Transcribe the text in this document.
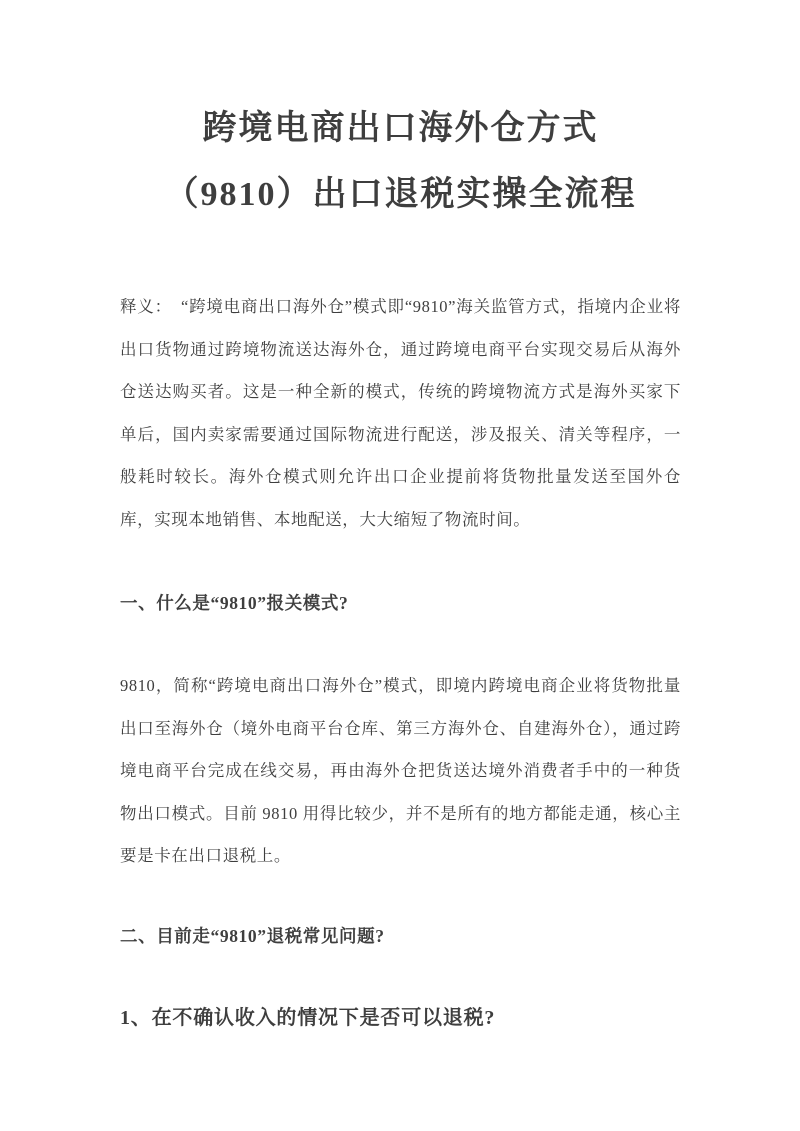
跨境电商出口海外仓方式
（9810）出口退税实操全流程

释义：　“跨境电商出口海外仓”模式即“9810”海关监管方式，指境内企业将出口货物通过跨境物流送达海外仓，通过跨境电商平台实现交易后从海外仓送达购买者。这是一种全新的模式，传统的跨境物流方式是海外买家下单后，国内卖家需要通过国际物流进行配送，涉及报关、清关等程序，一般耗时较长。海外仓模式则允许出口企业提前将货物批量发送至国外仓库，实现本地销售、本地配送，大大缩短了物流时间。

一、什么是“9810”报关模式?

9810，简称“跨境电商出口海外仓”模式，即境内跨境电商企业将货物批量出口至海外仓（境外电商平台仓库、第三方海外仓、自建海外仓），通过跨境电商平台完成在线交易，再由海外仓把货送达境外消费者手中的一种货物出口模式。目前 9810 用得比较少，并不是所有的地方都能走通，核心主要是卡在出口退税上。

二、目前走“9810”退税常见问题?
1、在不确认收入的情况下是否可以退税?
